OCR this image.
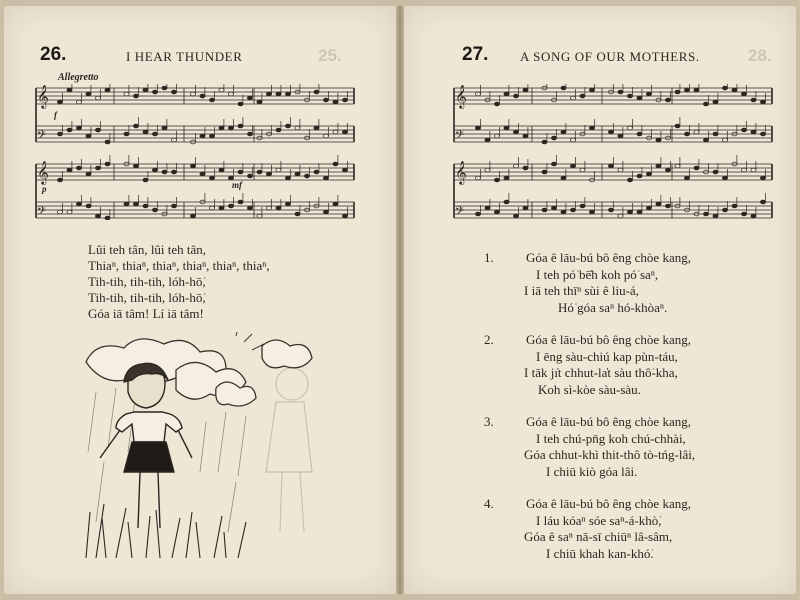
26.	25.
I HEAR THUNDER
Allegretto
𝄞
𝄢
𝄞
𝄢
f
p	mf
Lûi teh tân, lûi teh tân,
Thiaⁿ, thiaⁿ, thiaⁿ, thiaⁿ, thiaⁿ, thiaⁿ,
Tih-tih, tih-tih, lóh-hō͘,
Tih-tih, tih-tih, lóh-hō͘,
Góa iā tâm! Lí iā tâm!
27.	28.
A SONG OF OUR MOTHERS.
𝄞
𝄢
𝄞
𝄢
1. Góa ê lāu-bú bô êng chòe kang,
I teh pó͘ bē̍h koh pó͘ saⁿ,
I iā teh thīⁿ sùi ê liu-á,
Hó͘ góa saⁿ hó-khòaⁿ.
2. Góa ê lāu-bú bô êng chòe kang,
I ēng sàu-chiú kap pùn-táu,
I tāk jı̍t chhut-la̍t sàu thô͘-kha,
Koh sì-kòe sàu-sàu.
3. Góa ê lāu-bú bô êng chòe kang,
I teh chú-pn̄g koh chú-chhài,
Góa chhut-khì thit-thô tò-tńg-lâi,
I chiū kiò góa lâi.
4. Góa ê lāu-bú bô êng chòe kang,
I láu kóaⁿ sóe saⁿ-á-khò͘,
Góa ê saⁿ nā-sī chiūⁿ lâ-sâm,
I chiū khah kan-khó͘.
